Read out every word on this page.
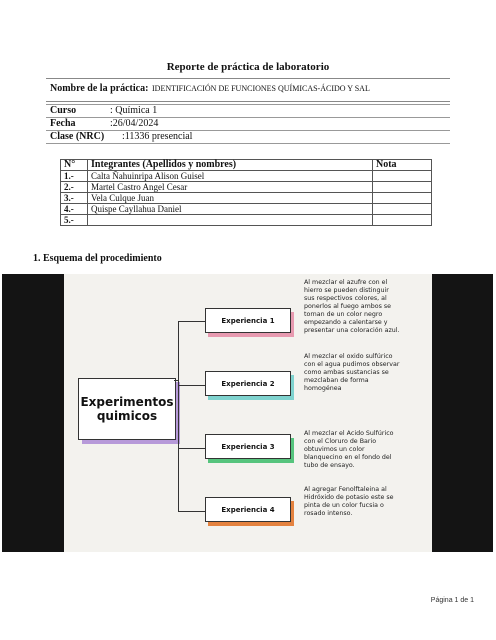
Reporte de práctica de laboratorio
Nombre de la práctica: IDENTIFICACIÓN DE FUNCIONES QUÍMICAS-ÁCIDO Y SAL
Curso	: Química 1
Fecha	:26/04/2024
Clase (NRC) :11336 presencial
N°	Integrantes (Apellidos y nombres)	Nota
1.-	Calta Ñahuinripa Alison Guisel	
2.-	Martel Castro Angel Cesar	
3.-	Vela Culque Juan	
4.-	Quispe Cayllahua Daniel	
5.-		
1. Esquema del procedimiento
Experimentos quimicos
Experiencia 1
Experiencia 2
Experiencia 3
Experiencia 4
Al mezclar el azufre con el hierro se pueden distinguir sus respectivos colores, al ponerlos al fuego ambos se tornan de un color negro empezando a calentarse y presentar una coloración azul.
Al mezclar el oxido sulfúrico con el agua pudimos observar como ambas sustancias se mezclaban de forma homogénea
Al mezclar el Acido Sulfúrico con el Cloruro de Bario obtuvimos un color blanquecino en el fondo del tubo de ensayo.
Al agregar Fenolftaleina al Hidróxido de potasio este se pinta de un color fucsia o rosado intenso.
Página 1 de 1
